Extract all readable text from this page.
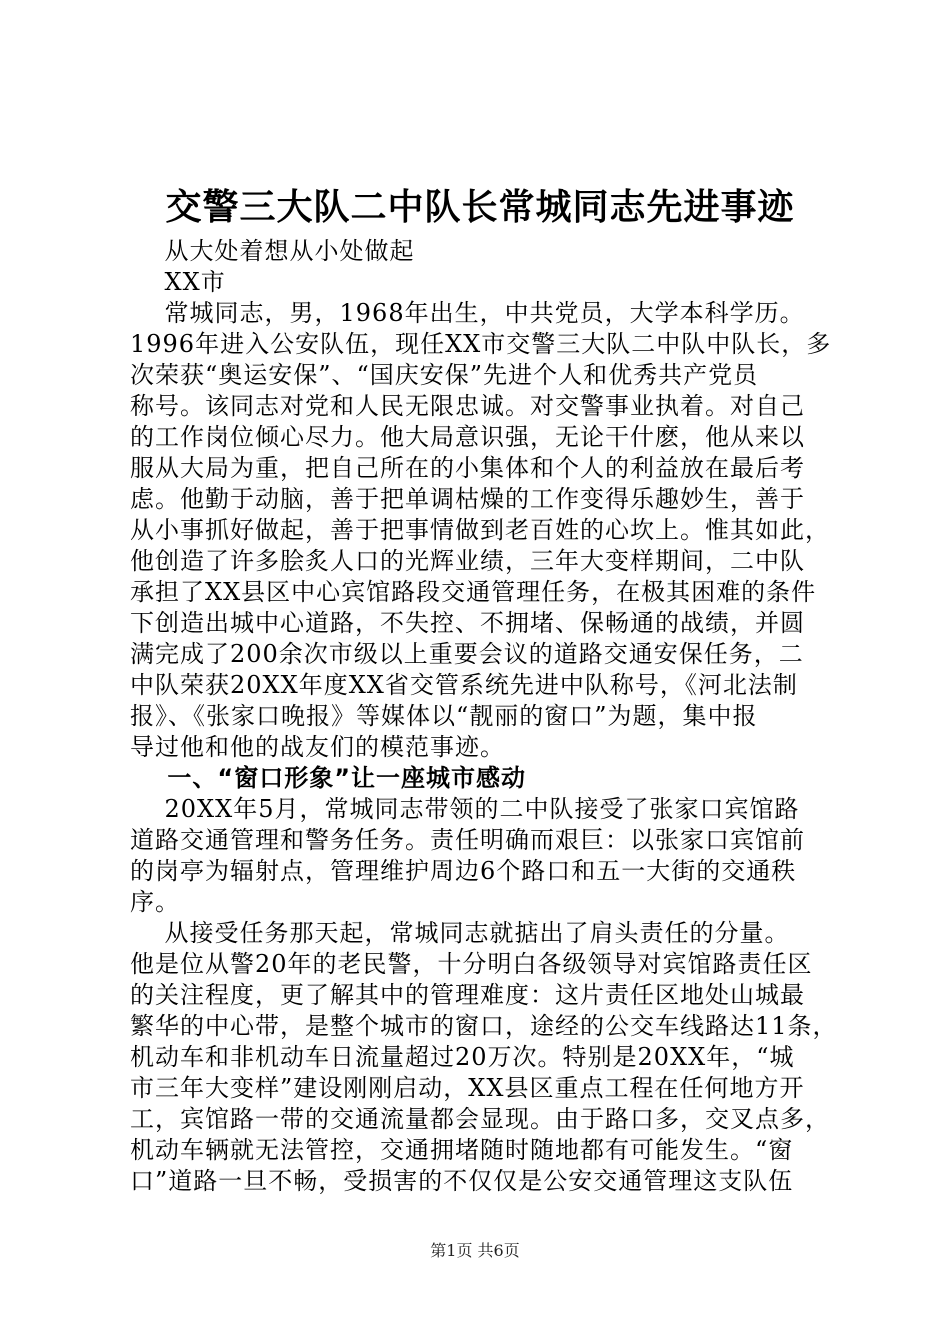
交警三大队二中队长常城同志先进事迹
从大处着想从小处做起
XX市
常城同志，男，1968年出生，中共党员，大学本科学历。
1996年进入公安队伍，现任XX市交警三大队二中队中队长，多
次荣获“奥运安保”、“国庆安保”先进个人和优秀共产党员
称号。该同志对党和人民无限忠诚。对交警事业执着。对自己
的工作岗位倾心尽力。他大局意识强，无论干什麽，他从来以
服从大局为重，把自己所在的小集体和个人的利益放在最后考
虑。他勤于动脑，善于把单调枯燥的工作变得乐趣妙生，善于
从小事抓好做起，善于把事情做到老百姓的心坎上。惟其如此，
他创造了许多脍炙人口的光辉业绩，三年大变样期间，二中队
承担了XX县区中心宾馆路段交通管理任务，在极其困难的条件
下创造出城中心道路，不失控、不拥堵、保畅通的战绩，并圆
满完成了200余次市级以上重要会议的道路交通安保任务，二
中队荣获20XX年度XX省交管系统先进中队称号，《河北法制
报》、《张家口晚报》等媒体以“靓丽的窗口”为题，集中报
导过他和他的战友们的模范事迹。
一、“窗口形象”让一座城市感动
20XX年5月，常城同志带领的二中队接受了张家口宾馆路
道路交通管理和警务任务。责任明确而艰巨：以张家口宾馆前
的岗亭为辐射点，管理维护周边6个路口和五一大街的交通秩
序。
从接受任务那天起，常城同志就掂出了肩头责任的分量。
他是位从警20年的老民警，十分明白各级领导对宾馆路责任区
的关注程度，更了解其中的管理难度：这片责任区地处山城最
繁华的中心带，是整个城市的窗口，途经的公交车线路达11条，
机动车和非机动车日流量超过20万次。特别是20XX年，“城
市三年大变样”建设刚刚启动，XX县区重点工程在任何地方开
工，宾馆路一带的交通流量都会显现。由于路口多，交叉点多，
机动车辆就无法管控，交通拥堵随时随地都有可能发生。“窗
口”道路一旦不畅，受损害的不仅仅是公安交通管理这支队伍
第1页 共6页
